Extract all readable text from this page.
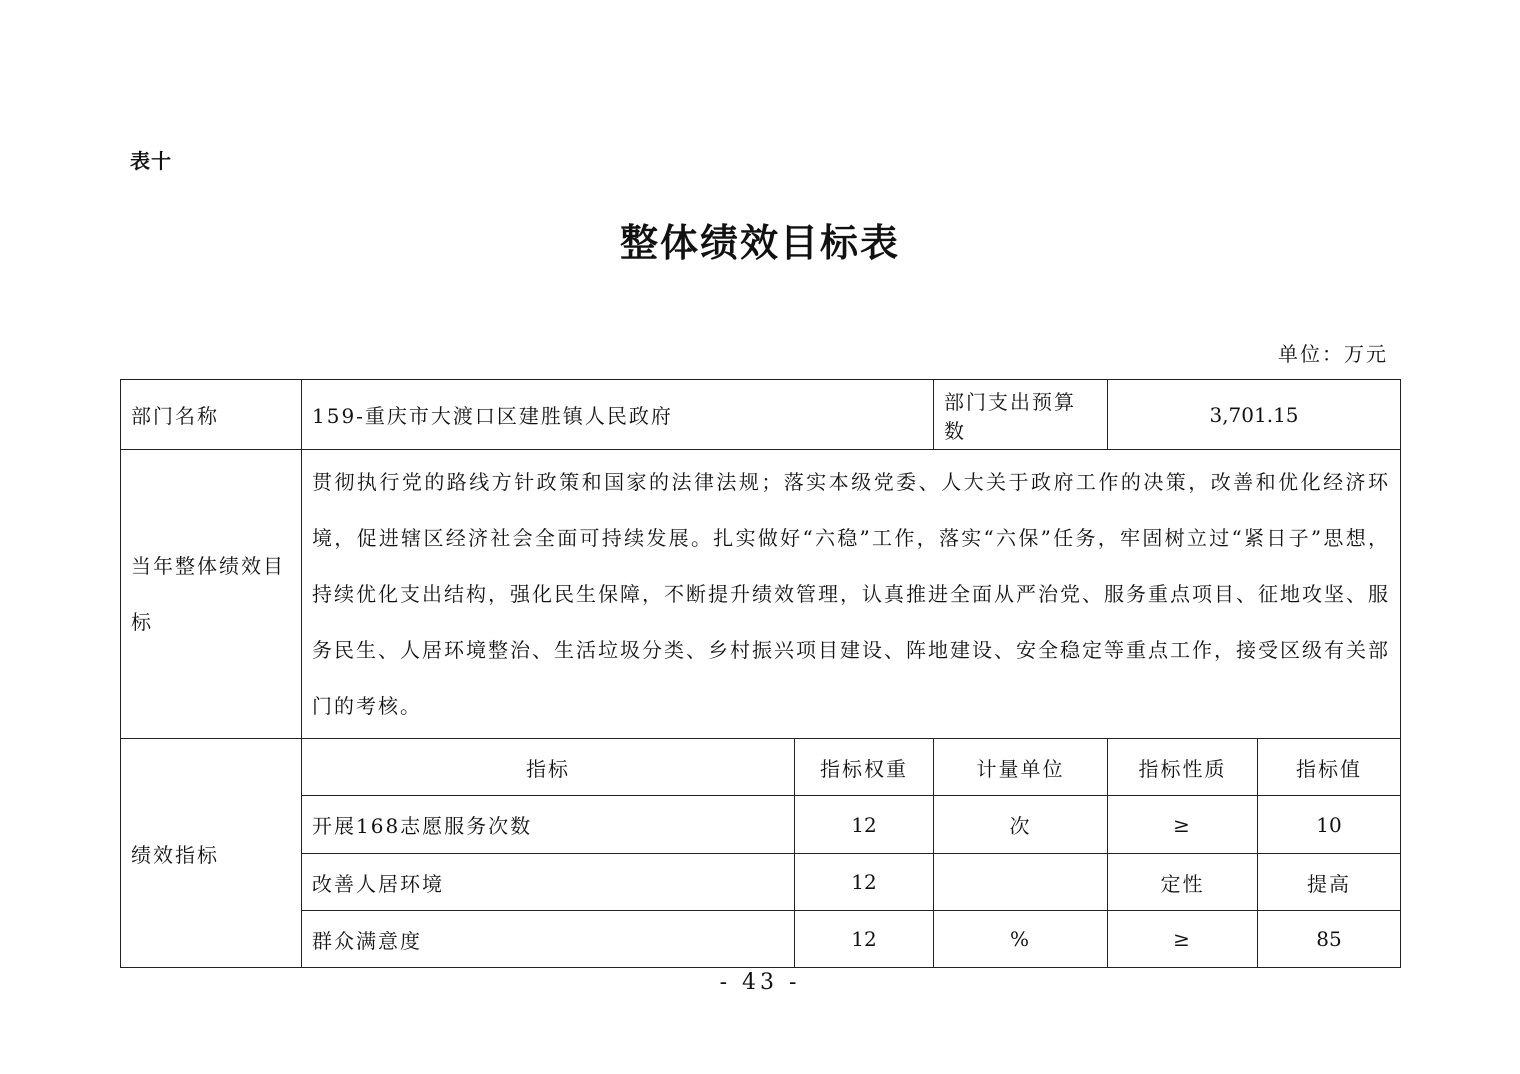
表十
整体绩效目标表
单位：万元
部门名称	159-重庆市大渡口区建胜镇人民政府		部门支出预算数	3,701.15	
当年整体绩效目标	贯彻执行党的路线方针政策和国家的法律法规；落实本级党委、人大关于政府工作的决策，改善和优化经济环境，促进辖区经济社会全面可持续发展。扎实做好“六稳”工作，落实“六保”任务，牢固树立过“紧日子”思想，持续优化支出结构，强化民生保障，不断提升绩效管理，认真推进全面从严治党、服务重点项目、征地攻坚、服务民生、人居环境整治、生活垃圾分类、乡村振兴项目建设、阵地建设、安全稳定等重点工作，接受区级有关部门的考核。				
绩效指标	指标	指标权重	计量单位	指标性质	指标值
	开展168志愿服务次数	12	次	≥	10
	改善人居环境	12		定性	提高
	群众满意度	12	%	≥	85
- 43 -
